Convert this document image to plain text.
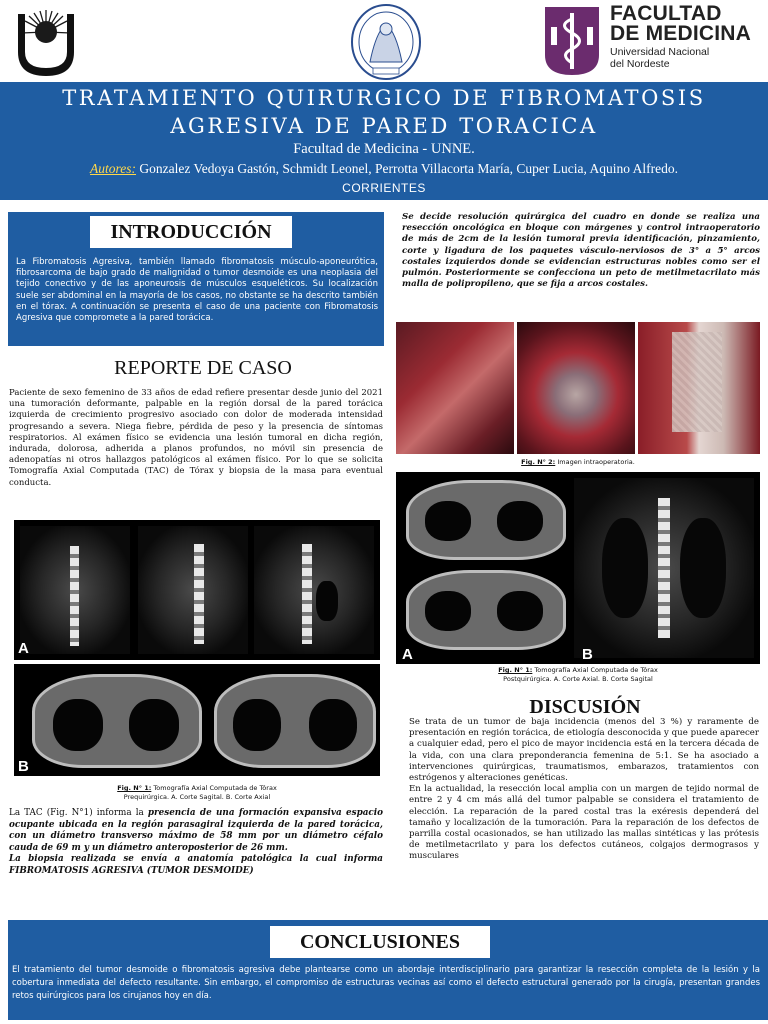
FACULTAD
DE MEDICINA
Universidad Nacional
del Nordeste
TRATAMIENTO QUIRURGICO DE FIBROMATOSIS
AGRESIVA DE PARED TORACICA
Facultad de Medicina - UNNE.
Autores: Gonzalez Vedoya Gastón, Schmidt Leonel, Perrotta Villacorta María, Cuper Lucia, Aquino Alfredo.
CORRIENTES
INTRODUCCIÓN
La Fibromatosis Agresiva, también llamado fibromatosis músculo-aponeurótica, fibrosarcoma de bajo grado de malignidad o tumor desmoide es una neoplasia del tejido conectivo y de las aponeurosis de músculos esqueléticos. Su localización suele ser abdominal en la mayoría de los casos, no obstante se ha descrito también en el tórax. A continuación se presenta el caso de una paciente con Fibromatosis Agresiva que compromete a la pared torácica.
REPORTE DE CASO
Paciente de sexo femenino de 33 años de edad refiere presentar desde junio del 2021 una tumoración deformante, palpable en la región dorsal de la pared torácica izquierda de crecimiento progresivo asociado con dolor de moderada intensidad progresando a severa. Niega fiebre, pérdida de peso y la presencia de síntomas respiratorios. Al exámen físico se evidencia una lesión tumoral en dicha región, indurada, dolorosa, adherida a planos profundos, no móvil sin presencia de adenopatías ni otros hallazgos patológicos al exámen físico. Por lo que se solicita Tomografía Axial Computada (TAC) de Tórax y biopsia de la masa para eventual conducta.
A
B
Fig. N° 1: Tomografía Axial Computada de Tórax
Prequirúrgica. A. Corte Sagital. B. Corte Axial
La TAC (Fig. N°1) informa la presencia de una formación expansiva espacio ocupante ubicada en la región parasagiral izquierda de la pared torácica, con un diámetro transverso máximo de 58 mm por un diámetro céfalo cauda de 69 m y un diámetro anteroposterior de 26 mm.
La biopsia realizada se envía a anatomía patológica la cual informa FIBROMATOSIS AGRESIVA (TUMOR DESMOIDE)
Se decide resolución quirúrgica del cuadro en donde se realiza una resección oncológica en bloque con márgenes y control intraoperatorio de más de 2cm de la lesión tumoral previa identificación, pinzamiento, corte y ligadura de los paquetes vásculo-nerviosos de 3° a 5° arcos costales izquierdos donde se evidencian estructuras nobles como ser el pulmón. Posteriormente se confecciona un peto de metilmetacrilato más malla de polipropileno, que se fija a arcos costales.
Fig. N° 2: Imagen intraoperatoria.
A	B
Fig. N° 1: Tomografía Axial Computada de Tórax
Postquirúrgica. A. Corte Axial. B. Corte Sagital
DISCUSIÓN
Se trata de un tumor de baja incidencia (menos del 3 %) y raramente de presentación en región torácica, de etiología desconocida y que puede aparecer a cualquier edad, pero el pico de mayor incidencia está en la tercera década de la vida, con una clara preponderancia femenina de 5:1. Se ha asociado a intervenciones quirúrgicas, traumatismos, embarazos, tratamientos con estrógenos y alteraciones genéticas.
En la actualidad, la resección local amplia con un margen de tejido normal de entre 2 y 4 cm más allá del tumor palpable se considera el tratamiento de elección. La reparación de la pared costal tras la exéresis dependerá del tamaño y localización de la tumoración. Para la reparación de los defectos de parrilla costal ocasionados, se han utilizado las mallas sintéticas y las prótesis de metilmetacrilato y para los defectos cutáneos, colgajos dermograsos y musculares
CONCLUSIONES
El tratamiento del tumor desmoide o fibromatosis agresiva debe plantearse como un abordaje interdisciplinario para garantizar la resección completa de la lesión y la cobertura inmediata del defecto resultante. Sin embargo, el compromiso de estructuras vecinas así como el defecto estructural generado por la cirugía, presentan grandes retos quirúrgicos para los cirujanos hoy en día.
